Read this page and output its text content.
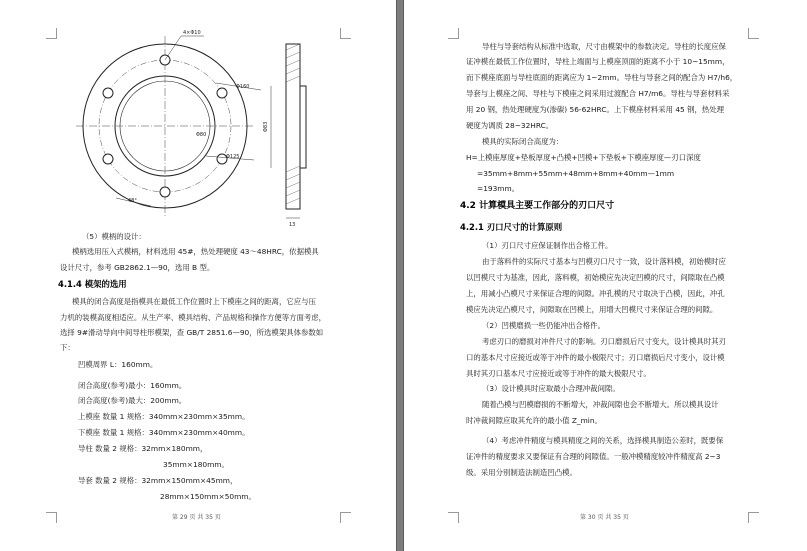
4×Φ10
Φ160
Φ125
Φ80
48°
Φ83
13
（5）模柄的设计：
模柄选用压入式模柄，材料选用 45#，热处理硬度 43～48HRC，依据模具
设计尺寸，参考 GB2862.1—90，选用 B 型。
4.1.4 模架的选用
模具的闭合高度是指模具在最低工作位置时上下模座之间的距离，它应与压
力机的装模高度相适应。从生产率、模具结构、产品规格和操作方便等方面考虑，
选择 9#滑动导向中间导柱形模架，查 GB/T 2851.6—90，所选模架具体参数如
下：
凹模周界 L：160mm。
闭合高度(参考)最小：160mm。
闭合高度(参考)最大：200mm。
上模座 数量 1 规格：340mm×230mm×35mm。
下模座 数量 1 规格：340mm×230mm×40mm。
导柱 数量 2 规格：32mm×180mm，
35mm×180mm。
导套 数量 2 规格：32mm×150mm×45mm，
28mm×150mm×50mm。
第 29 页 共 35 页
导柱与导套结构从标准中选取，尺寸由模架中的参数决定。导柱的长度应保
证冲模在最低工作位置时，导柱上端面与上模座顶面的距离不小于 10~15mm，
而下模座底面与导柱底面的距离应为 1~2mm。导柱与导套之间的配合为 H7/h6，
导套与上模座之间、导柱与下模座之间采用过渡配合 H7/m6。导柱与导套材料采
用 20 钢，热处理硬度为(渗碳) 56-62HRC。上下模座材料采用 45 钢，热处理
硬度为调质 28~32HRC。
模具的实际闭合高度为：
H=上模座厚度+垫板厚度+凸模+凹模+下垫板+下模座厚度—刃口深度
=35mm+8mm+55mm+48mm+8mm+40mm—1mm
=193mm。
4.2 计算模具主要工作部分的刃口尺寸
4.2.1 刃口尺寸的计算原则
（1）刃口尺寸应保证制作出合格工件。
由于落料件的实际尺寸基本与凹模刃口尺寸一致，设计落料模，初始模时应
以凹模尺寸为基准，因此，落料模，初始模应先决定凹模的尺寸，间隙取在凸模
上，用减小凸模尺寸来保证合理的间隙。冲孔模的尺寸取决于凸模，因此，冲孔
模应先决定凸模尺寸，间隙取在凹模上，用增大凹模尺寸来保证合理的间隙。
（2）凹模磨损一些仍能冲出合格件。
考虑刃口的磨损对冲件尺寸的影响。刃口磨损后尺寸变大，设计模具时其刃
口的基本尺寸应接近或等于冲件的最小极限尺寸；刃口磨损后尺寸变小，设计模
具时其刃口基本尺寸应接近或等于冲件的最大极限尺寸。
（3）设计模具时应取最小合理冲裁间隙。
随着凸模与凹模磨损的不断增大，冲裁间隙也会不断增大。所以模具设计
时冲裁间隙应取其允许的最小值 Z_min。
（4）考虑冲件精度与模具精度之间的关系，选择模具制造公差时，既要保
证冲件的精度要求又要保证有合理的间隙值。一般冲模精度较冲件精度高 2~3
级。采用分别制造法制造凹凸模。
第 30 页 共 35 页
